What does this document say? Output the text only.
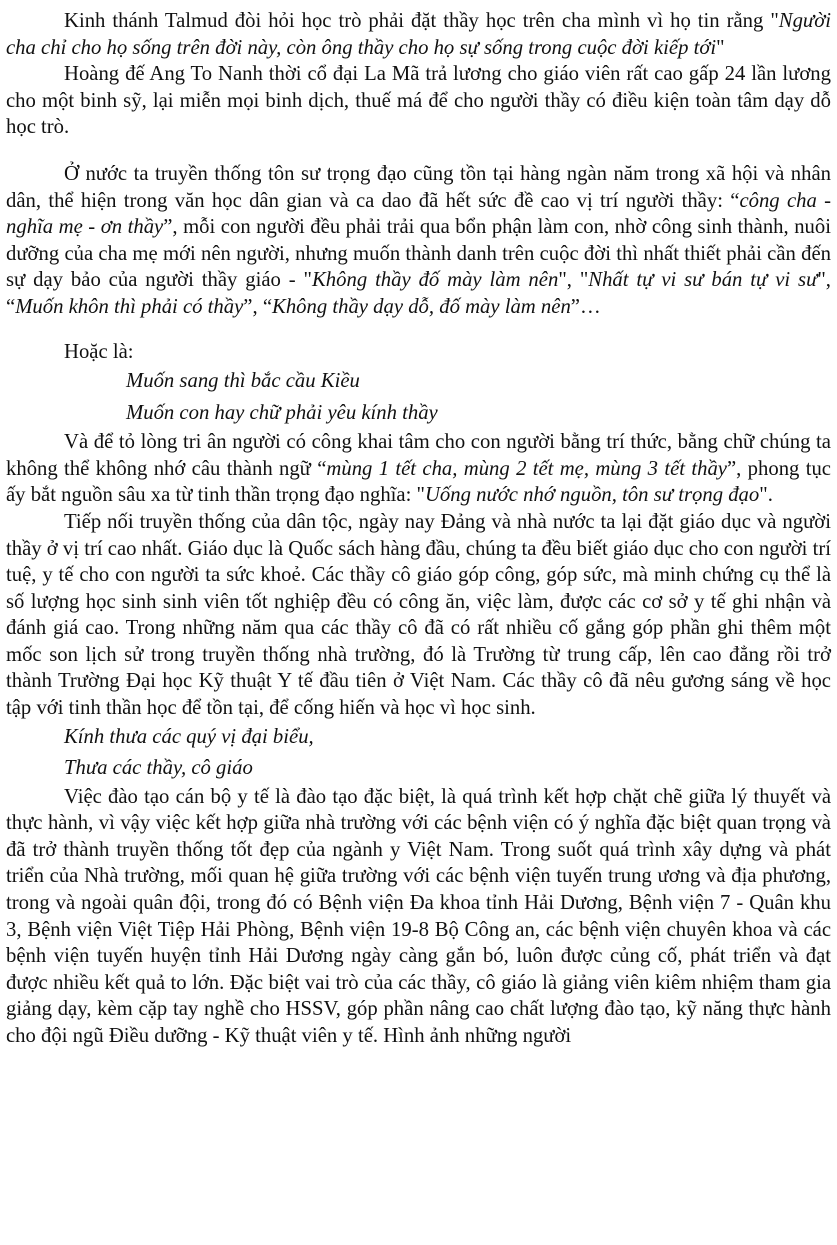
Kinh thánh Talmud đòi hỏi học trò phải đặt thầy học trên cha mình vì họ tin rằng "Người cha chỉ cho họ sống trên đời này, còn ông thầy cho họ sự sống trong cuộc đời kiếp tới"

Hoàng đế Ang To Nanh thời cổ đại La Mã trả lương cho giáo viên rất cao gấp 24 lần lương cho một binh sỹ, lại miễn mọi binh dịch, thuế má để cho người thầy có điều kiện toàn tâm dạy dỗ học trò.

Ở nước ta truyền thống tôn sư trọng đạo cũng tồn tại hàng ngàn năm trong xã hội và nhân dân, thể hiện trong văn học dân gian và ca dao đã hết sức đề cao vị trí người thầy: “công cha - nghĩa mẹ - ơn thầy”, mỗi con người đều phải trải qua bổn phận làm con, nhờ công sinh thành, nuôi dưỡng của cha mẹ mới nên người, nhưng muốn thành danh trên cuộc đời thì nhất thiết phải cần đến sự dạy bảo của người thầy giáo - "Không thầy đố mày làm nên", "Nhất tự vi sư bán tự vi sư", “Muốn khôn thì phải có thầy”, “Không thầy dạy dỗ, đố mày làm nên”…

Hoặc là:

Muốn sang thì bắc cầu Kiều

Muốn con hay chữ phải yêu kính thầy

Và để tỏ lòng tri ân người có công khai tâm cho con người bằng trí thức, bằng chữ chúng ta không thể không nhớ câu thành ngữ “mùng 1 tết cha, mùng 2 tết mẹ, mùng 3 tết thầy”, phong tục ấy bắt nguồn sâu xa từ tinh thần trọng đạo nghĩa: "Uống nước nhớ nguồn, tôn sư trọng đạo".

Tiếp nối truyền thống của dân tộc, ngày nay Đảng và nhà nước ta lại đặt giáo dục và người thầy ở vị trí cao nhất. Giáo dục là Quốc sách hàng đầu, chúng ta đều biết giáo dục cho con người trí tuệ, y tế cho con người ta sức khoẻ. Các thầy cô giáo góp công, góp sức, mà minh chứng cụ thể là số lượng học sinh sinh viên tốt nghiệp đều có công ăn, việc làm, được các cơ sở y tế ghi nhận và đánh giá cao. Trong những năm qua các thầy cô đã có rất nhiều cố gắng góp phần ghi thêm một mốc son lịch sử trong truyền thống nhà trường, đó là Trường từ trung cấp, lên cao đẳng rồi trở thành Trường Đại học Kỹ thuật Y tế đầu tiên ở Việt Nam. Các thầy cô đã nêu gương sáng về học tập với tinh thần học để tồn tại, để cống hiến và học vì học sinh.

Kính thưa các quý vị đại biểu,

Thưa các thầy, cô giáo

Việc đào tạo cán bộ y tế là đào tạo đặc biệt, là quá trình kết hợp chặt chẽ giữa lý thuyết và thực hành, vì vậy việc kết hợp giữa nhà trường với các bệnh viện có ý nghĩa đặc biệt quan trọng và đã trở thành truyền thống tốt đẹp của ngành y Việt Nam. Trong suốt quá trình xây dựng và phát triển của Nhà trường, mối quan hệ giữa trường với các bệnh viện tuyến trung ương và địa phương, trong và ngoài quân đội, trong đó có Bệnh viện Đa khoa tỉnh Hải Dương, Bệnh viện 7 - Quân khu 3, Bệnh viện Việt Tiệp Hải Phòng, Bệnh viện 19-8 Bộ Công an, các bệnh viện chuyên khoa và các bệnh viện tuyến huyện tỉnh Hải Dương ngày càng gắn bó, luôn được củng cố, phát triển và đạt được nhiều kết quả to lớn. Đặc biệt vai trò của các thầy, cô giáo là giảng viên kiêm nhiệm tham gia giảng dạy, kèm cặp tay nghề cho HSSV, góp phần nâng cao chất lượng đào tạo, kỹ năng thực hành cho đội ngũ Điều dưỡng - Kỹ thuật viên y tế. Hình ảnh những người
